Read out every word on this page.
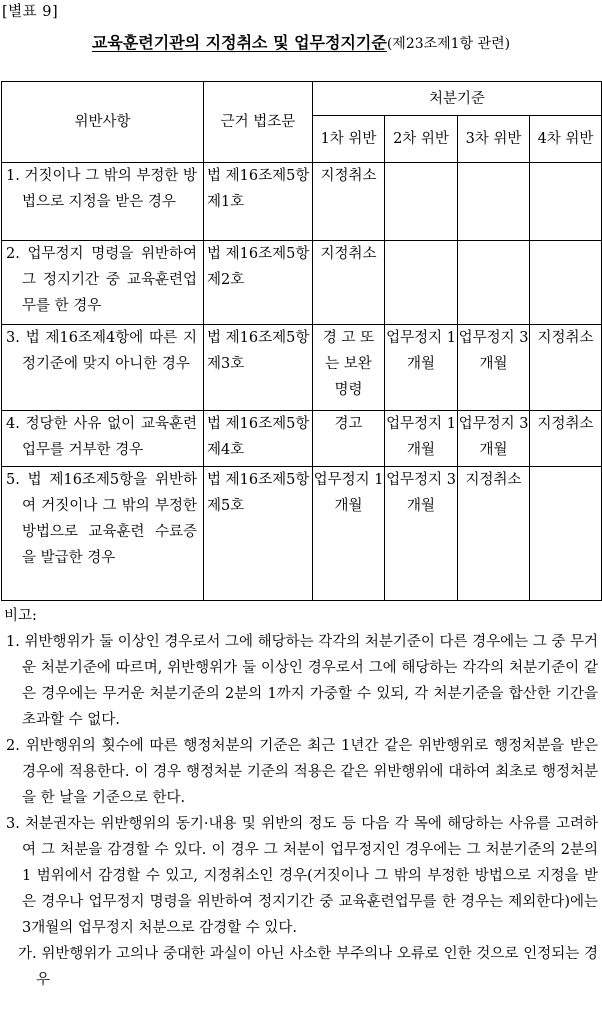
[별표 9]
교육훈련기관의 지정취소 및 업무정지기준(제23조제1항 관련)
위반사항	근거 법조문	처분기준			
		1차 위반	2차 위반	3차 위반	4차 위반
1. 거짓이나 그 밖의 부정한 방법으로 지정을 받은 경우	법 제16조제5항제1호	지정취소			
2. 업무정지 명령을 위반하여 그 정지기간 중 교육훈련업무를 한 경우	법 제16조제5항제2호	지정취소			
3. 법 제16조제4항에 따른 지정기준에 맞지 아니한 경우	법 제16조제5항제3호	경 고 또 는 보완명령	업무정지 1개월	업무정지 3개월	지정취소
4. 정당한 사유 없이 교육훈련업무를 거부한 경우	법 제16조제5항제4호	경고	업무정지 1개월	업무정지 3개월	지정취소
5. 법 제16조제5항을 위반하여 거짓이나 그 밖의 부정한 방법으로 교육훈련 수료증을 발급한 경우	법 제16조제5항제5호	업무정지 1개월	업무정지 3개월	지정취소	

비고:

1. 위반행위가 둘 이상인 경우로서 그에 해당하는 각각의 처분기준이 다른 경우에는 그 중 무거운 처분기준에 따르며, 위반행위가 둘 이상인 경우로서 그에 해당하는 각각의 처분기준이 같은 경우에는 무거운 처분기준의 2분의 1까지 가중할 수 있되, 각 처분기준을 합산한 기간을 초과할 수 없다.

2. 위반행위의 횟수에 따른 행정처분의 기준은 최근 1년간 같은 위반행위로 행정처분을 받은 경우에 적용한다. 이 경우 행정처분 기준의 적용은 같은 위반행위에 대하여 최초로 행정처분을 한 날을 기준으로 한다.

3. 처분권자는 위반행위의 동기·내용 및 위반의 정도 등 다음 각 목에 해당하는 사유를 고려하여 그 처분을 감경할 수 있다. 이 경우 그 처분이 업무정지인 경우에는 그 처분기준의 2분의 1 범위에서 감경할 수 있고, 지정취소인 경우(거짓이나 그 밖의 부정한 방법으로 지정을 받은 경우나 업무정지 명령을 위반하여 정지기간 중 교육훈련업무를 한 경우는 제외한다)에는 3개월의 업무정지 처분으로 감경할 수 있다.

가. 위반행위가 고의나 중대한 과실이 아닌 사소한 부주의나 오류로 인한 것으로 인정되는 경우
